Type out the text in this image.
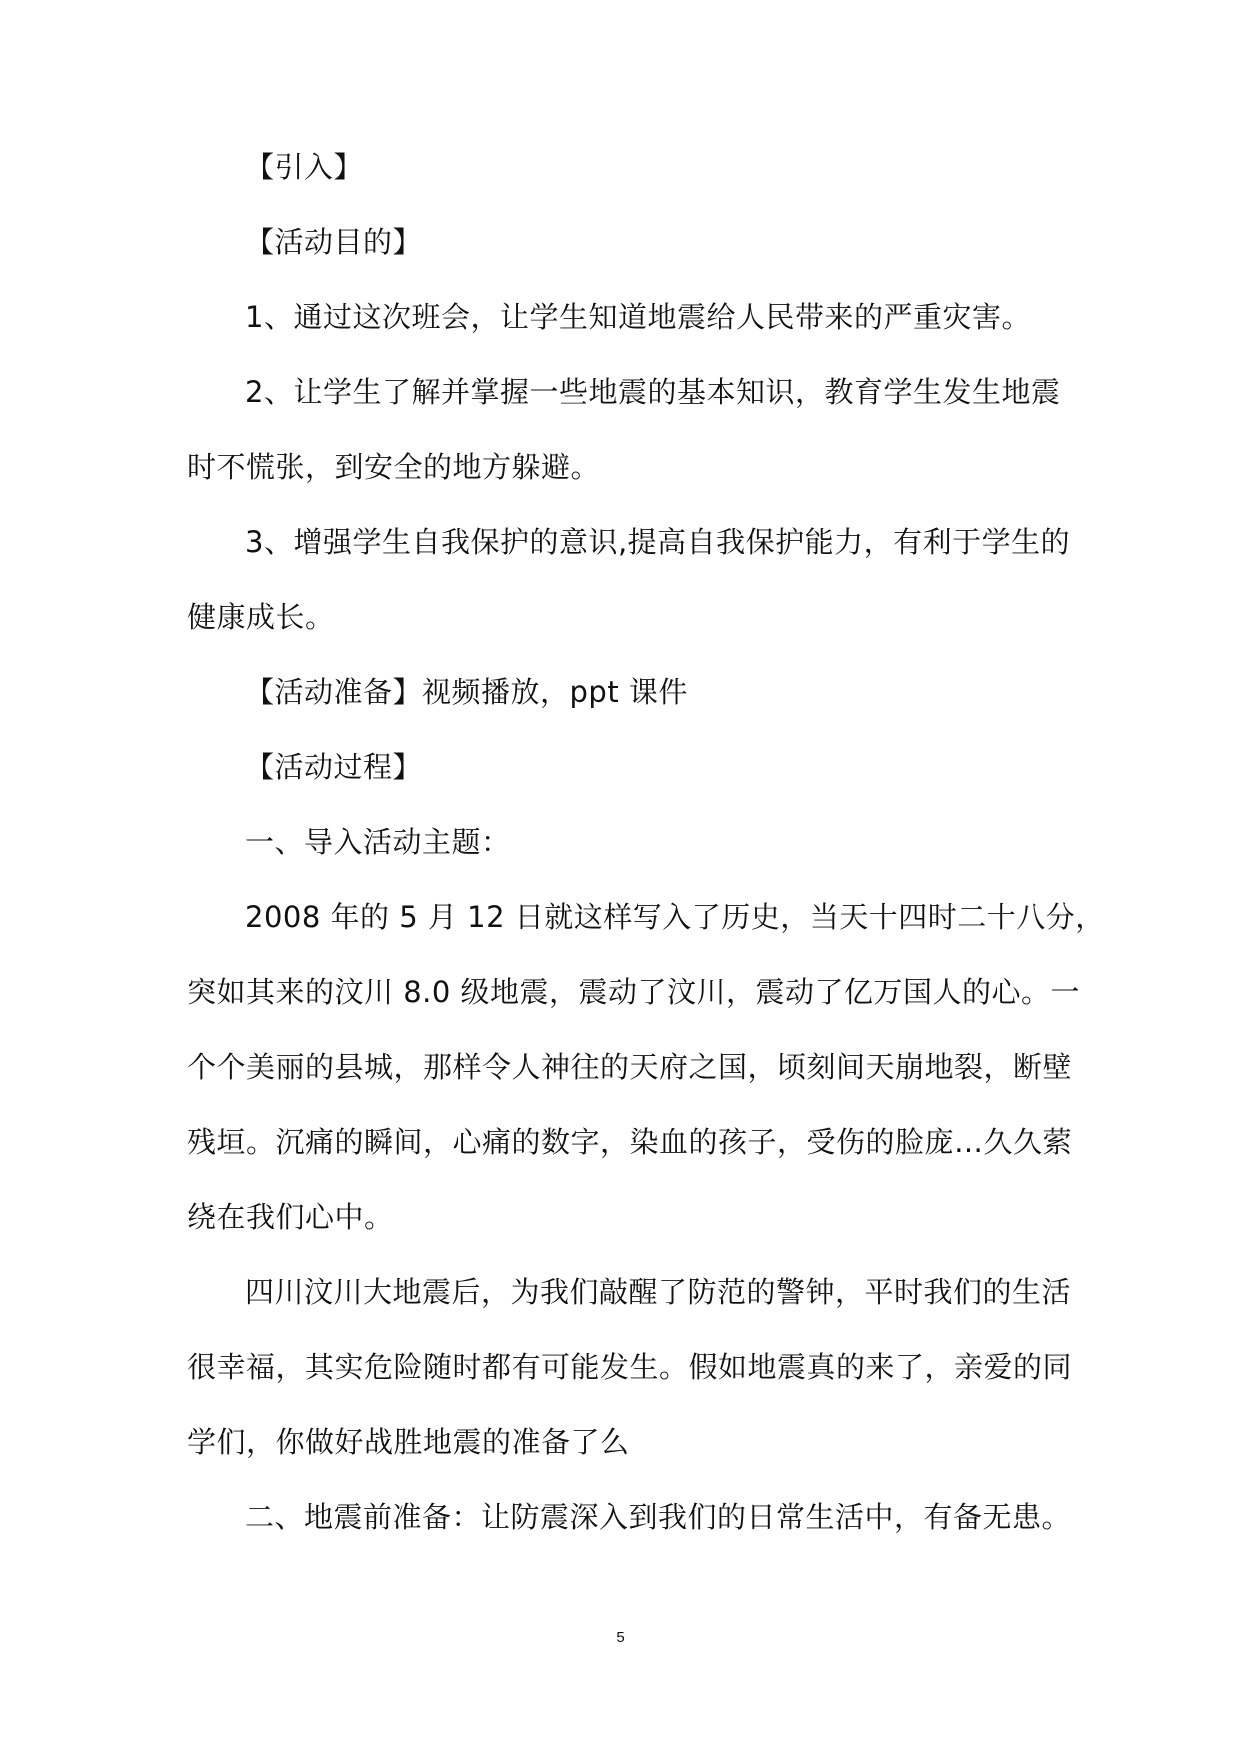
【引入】
【活动目的】
1、通过这次班会，让学生知道地震给人民带来的严重灾害。
2、让学生了解并掌握一些地震的基本知识，教育学生发生地震
时不慌张，到安全的地方躲避。
3、增强学生自我保护的意识,提高自我保护能力，有利于学生的
健康成长。
【活动准备】视频播放，ppt 课件
【活动过程】
一、导入活动主题：
2008 年的 5 月 12 日就这样写入了历史，当天十四时二十八分，
突如其来的汶川 8.0 级地震，震动了汶川，震动了亿万国人的心。一
个个美丽的县城，那样令人神往的天府之国，顷刻间天崩地裂，断壁
残垣。沉痛的瞬间，心痛的数字，染血的孩子，受伤的脸庞…久久萦
绕在我们心中。
四川汶川大地震后，为我们敲醒了防范的警钟，平时我们的生活
很幸福，其实危险随时都有可能发生。假如地震真的来了，亲爱的同
学们，你做好战胜地震的准备了么
二、地震前准备：让防震深入到我们的日常生活中，有备无患。
5
